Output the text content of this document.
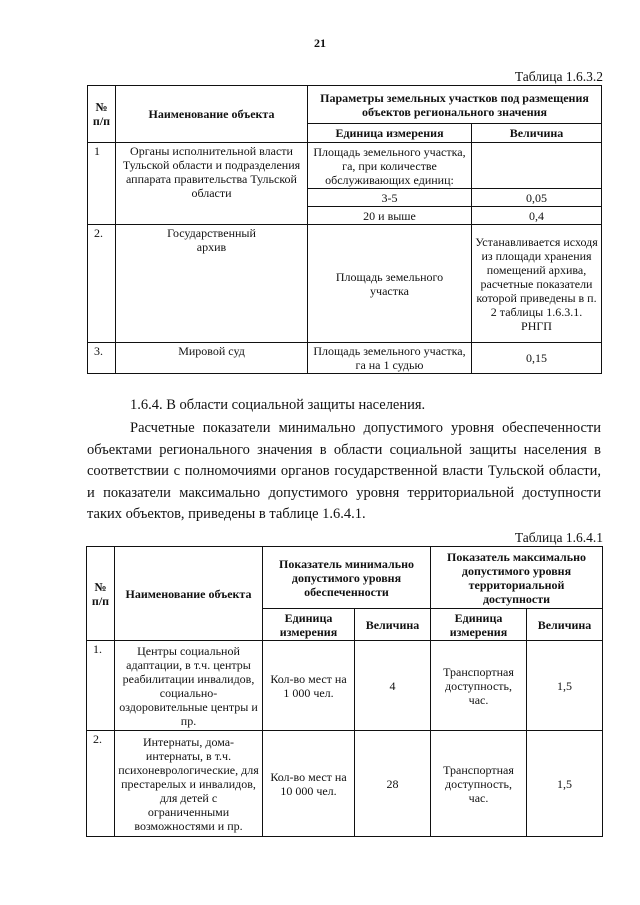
21
Таблица 1.6.3.2
№ п/п	Наименование объекта	Параметры земельных участков под размещения объектов регионального значения	
		Единица измерения	Величина
1	Органы исполнительной власти Тульской области и подразделения аппарата правительства Тульской области	Площадь земельного участка, га, при количестве обслуживающих единиц:	
		3-5	0,05
		20 и выше	0,4
2.	Государственный архив	Площадь земельного участка	Устанавливается исходя из площади хранения помещений архива, расчетные показатели которой приведены в п. 2 таблицы 1.6.3.1. РНГП
3.	Мировой суд	Площадь земельного участка, га на 1 судью	0,15
1.6.4. В области социальной защиты населения.
Расчетные показатели минимально допустимого уровня обеспеченности объектами регионального значения в области социальной защиты населения в соответствии с полномочиями органов государственной власти Тульской области, и показатели максимально допустимого уровня территориальной доступности таких объектов, приведены в таблице 1.6.4.1.
Таблица 1.6.4.1
№ п/п	Наименование объекта	Показатель минимально допустимого уровня обеспеченности		Показатель максимально допустимого уровня территориальной доступности	
		Единица измерения	Величина	Единица измерения	Величина
1.	Центры социальной адаптации, в т.ч. центры реабилитации инвалидов, социально-оздоровительные центры и пр.	Кол-во мест на 1 000 чел.	4	Транспортная доступность, час.	1,5
2.	Интернаты, дома-интернаты, в т.ч. психоневрологические, для престарелых и инвалидов, для детей с ограниченными возможностями и пр.	Кол-во мест на 10 000 чел.	28	Транспортная доступность, час.	1,5
